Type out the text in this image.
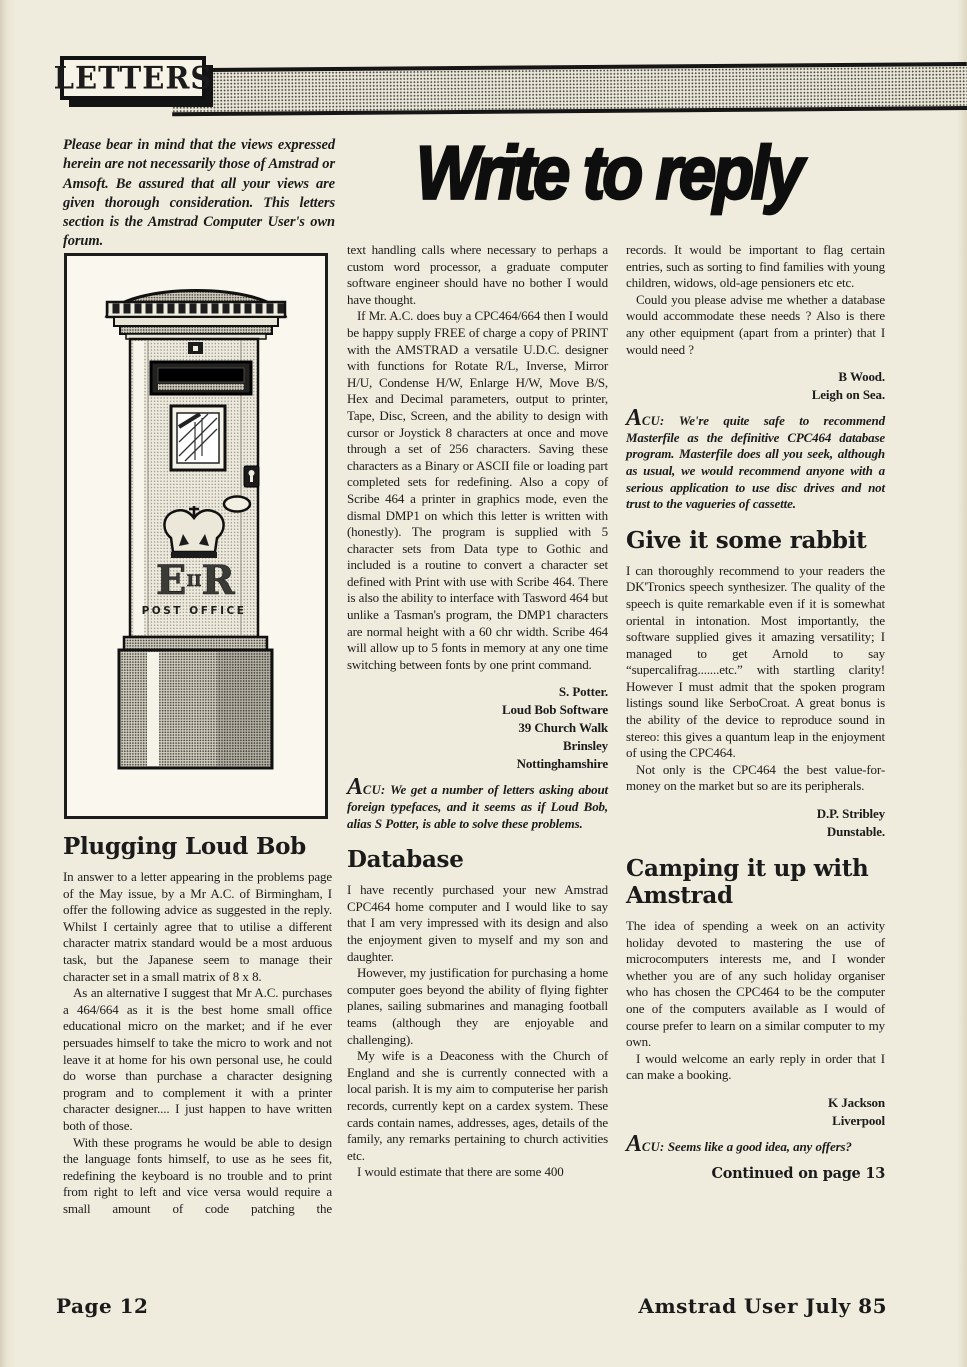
LETTERS
Please bear in mind that the views expressed herein are not necessarily those of Amstrad or Amsoft. Be assured that all your views are given thorough consideration. This letters section is the Amstrad Computer User's own forum.
Write to reply
E II R
POST OFFICE
Plugging Loud Bob

In answer to a letter appearing in the problems page of the May issue, by a Mr A.C. of Birmingham, I offer the following advice as suggested in the reply. Whilst I certainly agree that to utilise a different character matrix standard would be a most arduous task, but the Japanese seem to manage their character set in a small matrix of 8 x 8.

As an alternative I suggest that Mr A.C. purchases a 464/664 as it is the best home small office educational micro on the market; and if he ever persuades himself to take the micro to work and not leave it at home for his own personal use, he could do worse than purchase a character designing program and to complement it with a printer character designer.... I just happen to have written both of those.

With these programs he would be able to design the language fonts himself, to use as he sees fit, redefining the keyboard is no trouble and to print from right to left and vice versa would require a small amount of code patching the

text handling calls where necessary to perhaps a custom word processor, a graduate computer software engineer should have no bother I would have thought.

If Mr. A.C. does buy a CPC464/664 then I would be happy supply FREE of charge a copy of PRINT with the AMSTRAD a versatile U.D.C. designer with functions for Rotate R/L, Inverse, Mirror H/U, Condense H/W, Enlarge H/W, Move B/S, Hex and Decimal parameters, output to printer, Tape, Disc, Screen, and the ability to design with cursor or Joystick 8 characters at once and move through a set of 256 characters. Saving these characters as a Binary or ASCII file or loading part completed sets for redefining. Also a copy of Scribe 464 a printer in graphics mode, even the dismal DMP1 on which this letter is written with (honestly). The program is supplied with 5 character sets from Data type to Gothic and included is a routine to convert a character set defined with Print with use with Scribe 464. There is also the ability to interface with Tasword 464 but unlike a Tasman's program, the DMP1 characters are normal height with a 60 chr width. Scribe 464 will allow up to 5 fonts in memory at any one time switching between fonts by one print command.

S. Potter.
Loud Bob Software
39 Church Walk
Brinsley
Nottinghamshire

ACU: We get a number of letters asking about foreign typefaces, and it seems as if Loud Bob, alias S Potter, is able to solve these problems.

Database

I have recently purchased your new Amstrad CPC464 home computer and I would like to say that I am very impressed with its design and also the enjoyment given to myself and my son and daughter.

However, my justification for purchasing a home computer goes beyond the ability of flying fighter planes, sailing submarines and managing football teams (although they are enjoyable and challenging).

My wife is a Deaconess with the Church of England and she is currently connected with a local parish. It is my aim to computerise her parish records, currently kept on a cardex system. These cards contain names, addresses, ages, details of the family, any remarks pertaining to church activities etc.

I would estimate that there are some 400

records. It would be important to flag certain entries, such as sorting to find families with young children, widows, old-age pensioners etc etc.

Could you please advise me whether a database would accommodate these needs ? Also is there any other equipment (apart from a printer) that I would need ?

B Wood.
Leigh on Sea.

ACU: We're quite safe to recommend Masterfile as the definitive CPC464 database program. Masterfile does all you seek, although as usual, we would recommend anyone with a serious application to use disc drives and not trust to the vagueries of cassette.

Give it some rabbit

I can thoroughly recommend to your readers the DK'Tronics speech synthesizer. The quality of the speech is quite remarkable even if it is somewhat oriental in intonation. Most importantly, the software supplied gives it amazing versatility; I managed to get Arnold to say “supercalifrag.......etc.” with startling clarity! However I must admit that the spoken program listings sound like SerboCroat. A great bonus is the ability of the device to reproduce sound in stereo: this gives a quantum leap in the enjoyment of using the CPC464.

Not only is the CPC464 the best value-for-money on the market but so are its peripherals.

D.P. Stribley
Dunstable.
Camping it up with Amstrad

The idea of spending a week on an activity holiday devoted to mastering the use of microcomputers interests me, and I wonder whether you are of any such holiday organiser who has chosen the CPC464 to be the computer one of the computers available as I would of course prefer to learn on a similar computer to my own.

I would welcome an early reply in order that I can make a booking.

K Jackson
Liverpool

ACU: Seems like a good idea, any offers?

Continued on page 13
Page 12	Amstrad User July 85
